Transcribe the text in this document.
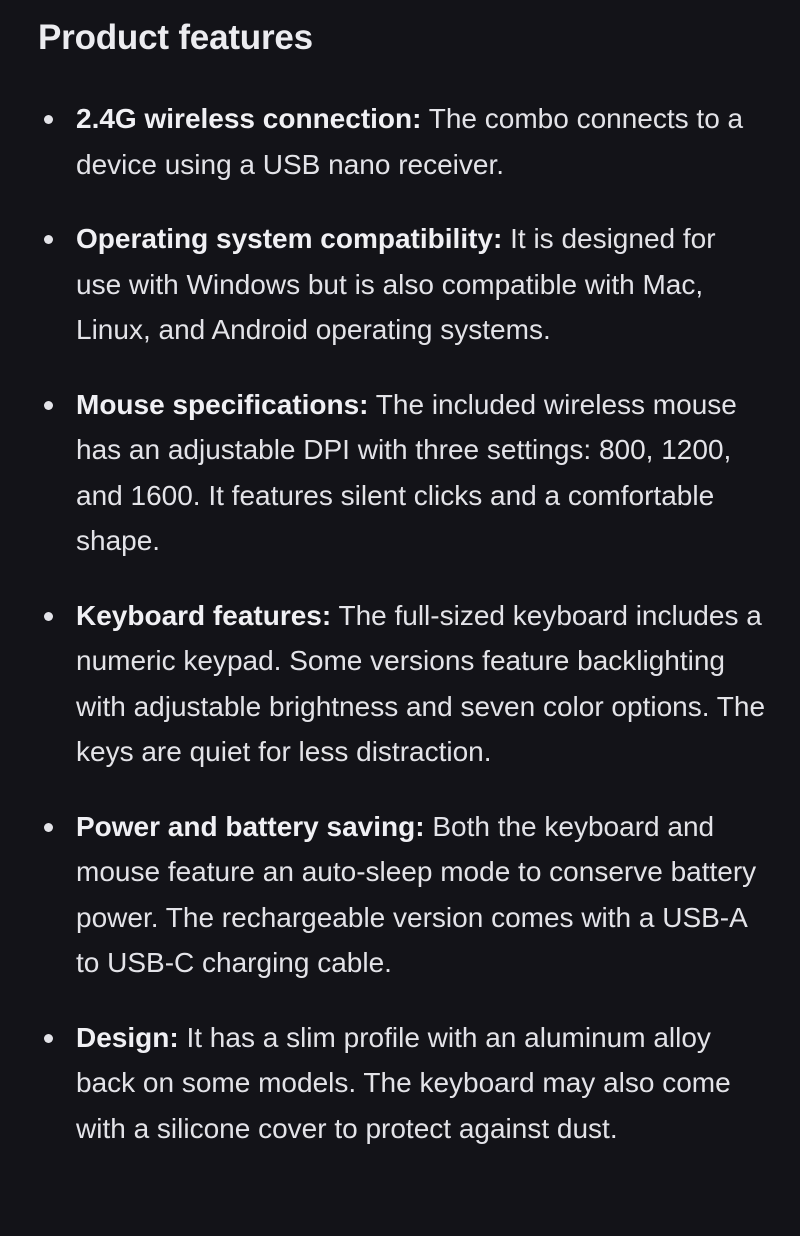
Product features
2.4G wireless connection: The combo connects to a device using a USB nano receiver.
Operating system compatibility: It is designed for use with Windows but is also compatible with Mac, Linux, and Android operating systems.
Mouse specifications: The included wireless mouse has an adjustable DPI with three settings: 800, 1200, and 1600. It features silent clicks and a comfortable shape.
Keyboard features: The full-sized keyboard includes a numeric keypad. Some versions feature backlighting with adjustable brightness and seven color options. The keys are quiet for less distraction.
Power and battery saving: Both the keyboard and mouse feature an auto-sleep mode to conserve battery power. The rechargeable version comes with a USB-A to USB-C charging cable.
Design: It has a slim profile with an aluminum alloy back on some models. The keyboard may also come with a silicone cover to protect against dust.
